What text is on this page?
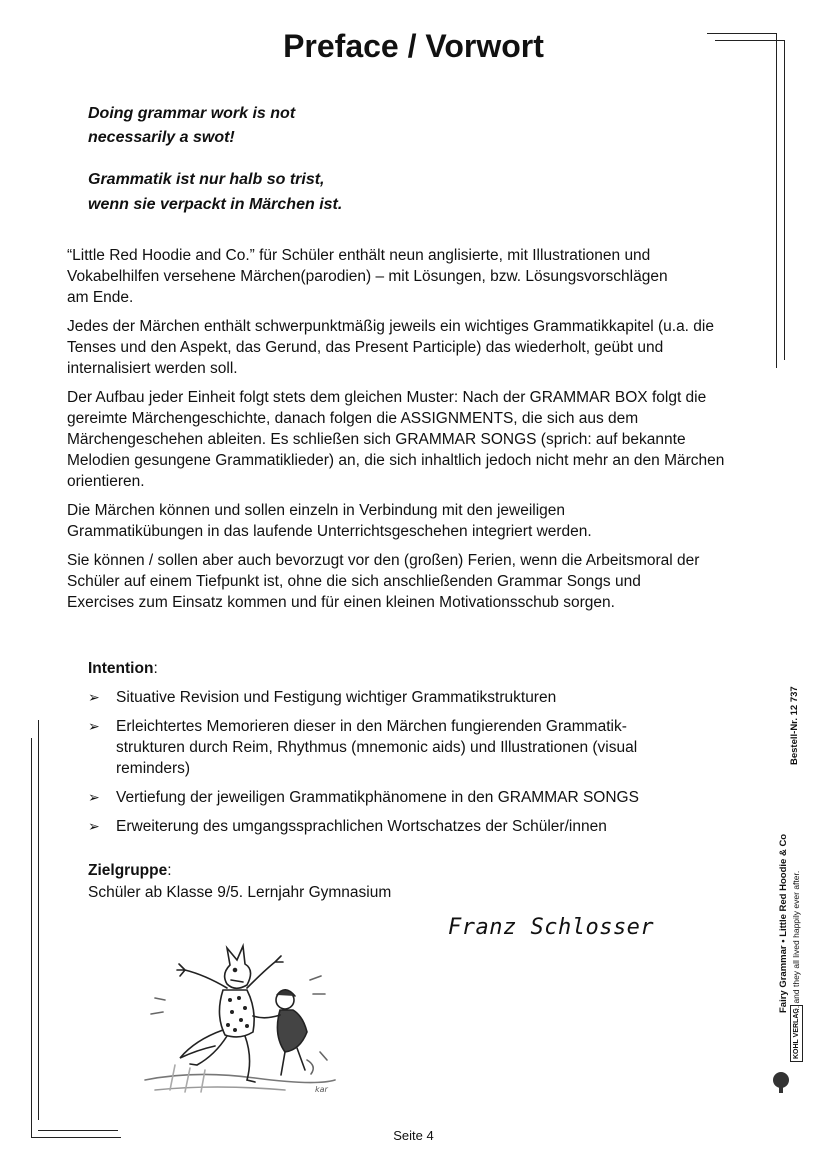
Preface / Vorwort

Doing grammar work is not

necessarily a swot!

Grammatik ist nur halb so trist,

wenn sie verpackt in Märchen ist.

“Little Red Hoodie and Co.” für Schüler enthält neun anglisierte, mit Illustrationen und Vokabelhilfen versehene Märchen(parodien) – mit Lösungen, bzw. Lösungsvorschlägen am Ende.

Jedes der Märchen enthält schwerpunktmäßig jeweils ein wichtiges Grammatikkapitel (u.a. die Tenses und den Aspekt, das Gerund, das Present Participle) das wiederholt, geübt und internalisiert werden soll.

Der Aufbau jeder Einheit folgt stets dem gleichen Muster: Nach der GRAMMAR BOX folgt die gereimte Märchengeschichte, danach folgen die ASSIGNMENTS, die sich aus dem Märchengeschehen ableiten. Es schließen sich GRAMMAR SONGS (sprich: auf bekannte Melodien gesungene Grammatiklieder) an, die sich inhaltlich jedoch nicht mehr an den Märchen orientieren.

Die Märchen können und sollen einzeln in Verbindung mit den jeweiligen Grammatikübungen in das laufende Unterrichtsgeschehen integriert werden.

Sie können / sollen aber auch bevorzugt vor den (großen) Ferien, wenn die Arbeitsmoral der Schüler auf einem Tiefpunkt ist, ohne die sich anschließenden Grammar Songs und Exercises zum Einsatz kommen und für einen kleinen Motivationsschub sorgen.

Intention:
➢ Situative Revision und Festigung wichtiger Grammatikstrukturen
➢ Erleichtertes Memorieren dieser in den Märchen fungierenden Grammatik-strukturen durch Reim, Rhythmus (mnemonic aids) und Illustrationen (visual reminders)
➢ Vertiefung der jeweiligen Grammatikphänomene in den GRAMMAR SONGS
➢ Erweiterung des umgangssprachlichen Wortschatzes der Schüler/innen
Zielgruppe:
Schüler ab Klasse 9/5. Lernjahr Gymnasium
Franz Schlosser
kar
Seite 4
Bestell-Nr. 12 737
Fairy Grammar • Little Red Hoodie & Co ... and they all lived happily ever after.
KOHL VERLAG
